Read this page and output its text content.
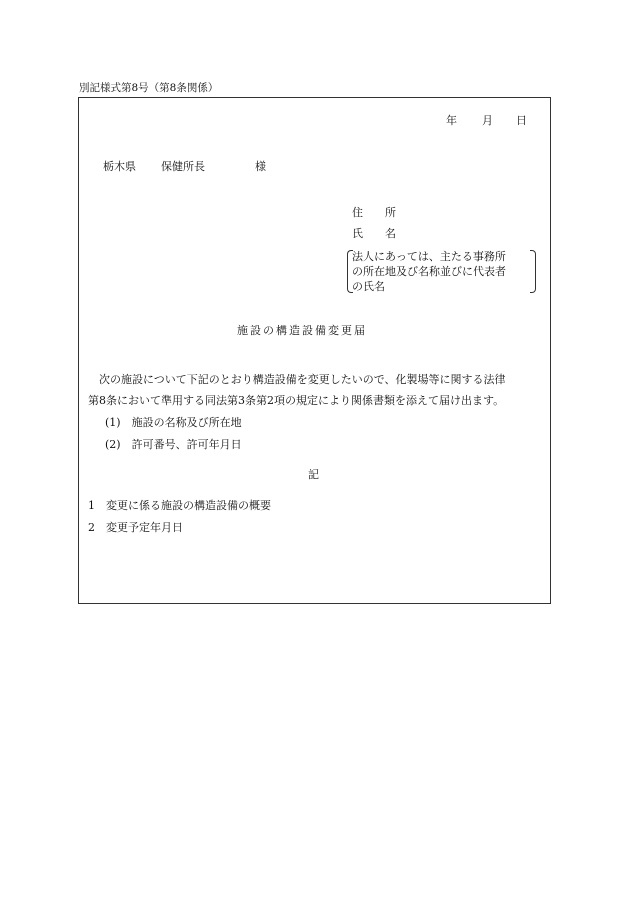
別記様式第8号（第8条関係）
年 月 日
栃木県 保健所長	様
住　　所
氏　　名
法人にあっては、主たる事務所
の所在地及び名称並びに代表者
の氏名
施設の構造設備変更届
　次の施設について下記のとおり構造設備を変更したいので、化製場等に関する法律
第8条において準用する同法第3条第2項の規定により関係書類を添えて届け出ます。
(1)　施設の名称及び所在地
(2)　許可番号、許可年月日
記
1　変更に係る施設の構造設備の概要
2　変更予定年月日
